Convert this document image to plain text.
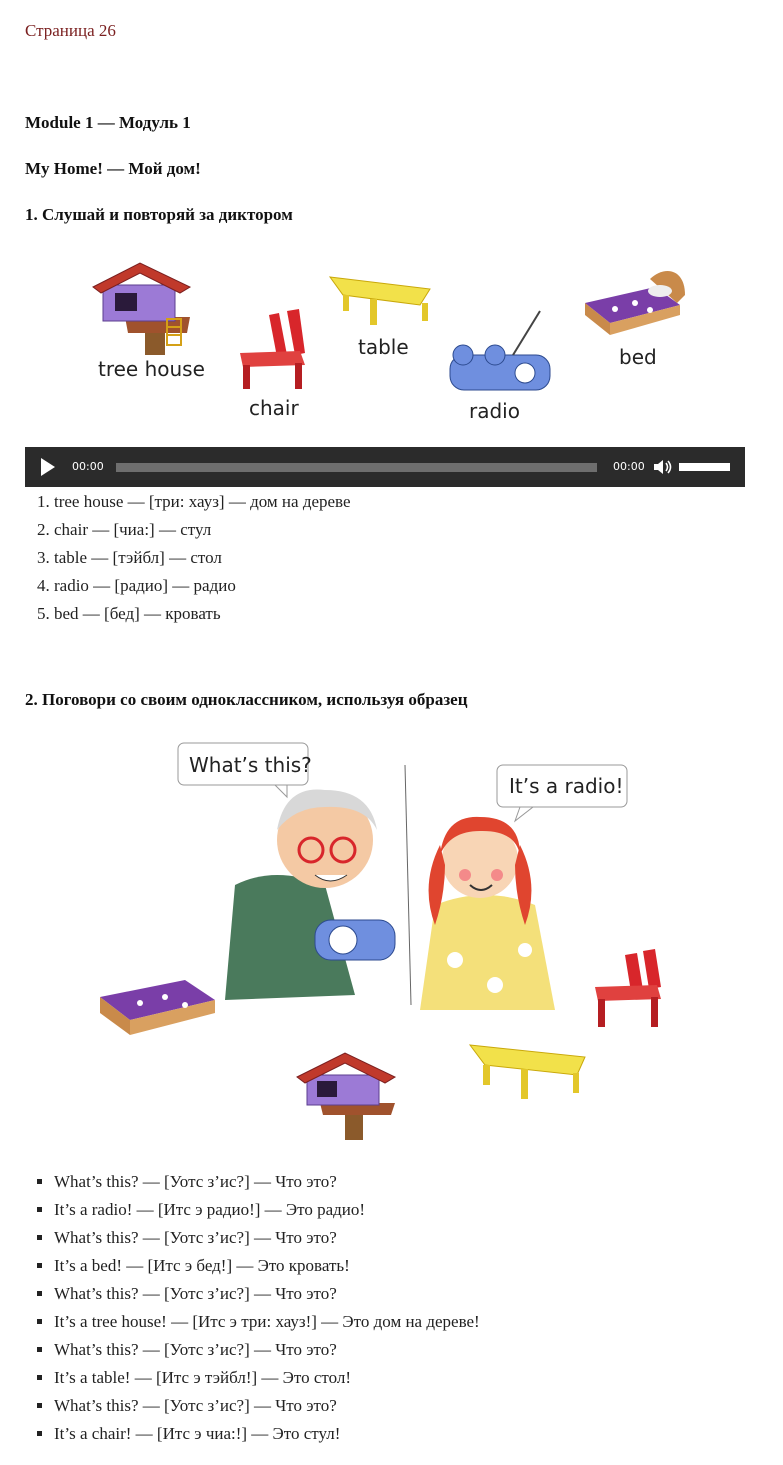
Страница 26
Module 1 — Модуль 1
My Home! — Мой дом!
1. Слушай и повторяй за диктором
tree house
chair
table
radio
bed
00:00	00:00
1. tree house — [три: хауз] — дом на дереве
2. chair — [чиа:] — стул
3. table — [тэйбл] — стол
4. radio — [радио] — радио
5. bed — [бед] — кровать
2. Поговори со своим одноклассником, используя образец
What’s this?
It’s a radio!
▪ What’s this? — [Уотс з’ис?] — Что это?
▪ It’s a radio! — [Итс э радио!] — Это радио!
▪ What’s this? — [Уотс з’ис?] — Что это?
▪ It’s a bed! — [Итс э бед!] — Это кровать!
▪ What’s this? — [Уотс з’ис?] — Что это?
▪ It’s a tree house! — [Итс э три: хауз!] — Это дом на дереве!
▪ What’s this? — [Уотс з’ис?] — Что это?
▪ It’s a table! — [Итс э тэйбл!] — Это стол!
▪ What’s this? — [Уотс з’ис?] — Что это?
▪ It’s a chair! — [Итс э чиа:!] — Это стул!
